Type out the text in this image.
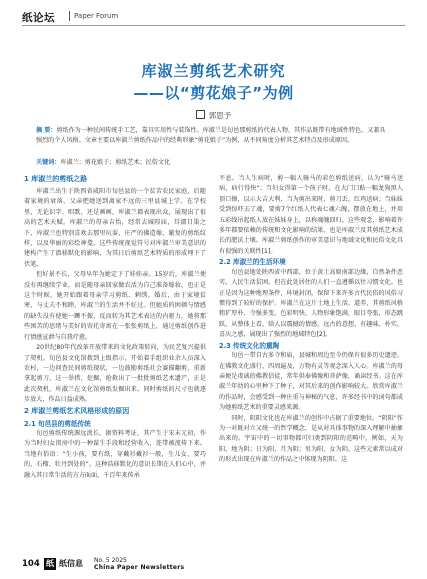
纸论坛	Paper Forum
库淑兰剪纸艺术研究
——以“剪花娘子”为例
郭思予
摘 要：剪纸作为一种民间传统手工艺，靠具实用性与装饰性。库淑兰是旬邑那剪纸的代表人物，其作品既带有地域性特色，又兼具强烈的个人风格。文章主要以库淑兰剪纸作品中的经典形象“剪花娘子”为例，从不同角度分析其艺术特点及形成原因。
关键词：库淑兰；剪花娘子；剪纸艺术；民俗文化

1 库淑兰的剪纸之路

库淑兰出生于陕西省咸阳市旬邑县的一个贫苦农民家庭，后随着家境的衰落，父亲把她送到离家不远的三里县城上学。在学校里，无论识字、唱歌、还是画画，库淑兰都表现出众，展现出了很高的艺术天赋。库淑兰的母亲吉怡，经常去城隍庙，耳濡目染之下，库淑兰也特别喜欢去那里玩耍，庄严的佛造像、繁复的剪纸纹样，以及华丽的彩绘神龛，这些传统视觉符号对库淑兰审美意识的建构产生了潜移默化的影响，为其日后剪纸艺术特质的形成埋下了伏笔。

但好景不长，父母早年为她定下了娃娃亲。15岁后，库淑兰便没有再继续学业，而是随母亲回家做农活为自己准备嫁妆，也正是这个时候，她开始跟着母亲学习剪纸、刺绣。婚后，由于家境贫寒，与丈夫不和睦，库淑兰的生活并不好过。但她质的困顿与情感的缺失没有使她一蹶不振，反而转为其艺术表达的内驱力，她将那些困苦的思绪与美好的寄托寄寓在一张张剪纸上，通过剪纸创作进行情感宣泄与自我疗愈。

20世纪80年代改革开放带来的文化政策转向，为民艺复兴提供了契机。旬邑县文化馆拨到上级指示，开始着手组织业余人员深入农村，一边问查民间剪纸现状，一边鼓励剪纸社会赛描翻剪，重新拿起剪刀，这一举措，挖掘、抢救出了一批批剪纸艺术遗产，正是此次契机，库淑兰在文化馆剪纸发掘出来，同时剪纸的尺寸也就逐步放大，作品日益成熟。

2 库淑兰剪纸艺术风格形成的原因

2.1 旬邑县的剪纸传统

旬邑剪纸传统源远流长，据资料考证，其产生于宋末元初，作为当时妇女闺房中的一种谋生手段和经营收入，连带被流传下来。当地有俗语：“生小孩，要有纸，穿戴衫戴衫一般，生儿女，要巧的，石榴、牡丹到处的”。这种浩移默化的意识长期在人们心中，并融入其日常生活的方方面面，千百年来传承

不息。当人生病时，剪一幅人骑马的彩色剪纸送病，认为“骑马送病，病行得快”；当妇女得第一个孩子时，在大门口贴一幅龙狗黑人顶口擦，以示大吉大利，当为剪出来时，剪刀丢，红鸡送病；当妹妹受到惊吓去了魂，要剪7个红纸人代表七魂六魄，摆放在地上，并用五彩线吊起纸人放在妹妹身上，以称魂魄回归。这些观念，影响着许多年都要依赖的传统和文化影响的结果，也是库淑兰及其剪纸艺术成长的肥沃土壤。库淑兰剪纸创作的审美意识与地域文化和民俗文化具有很强的关联性[1]。

2.2 库淑兰的生活环境

旬邑县地处陕西省中西部，位于黄土高原南部边缘，自然条件恶劣，人民生活贫困，但在此处居住的人们一直遵循以往习惯文化。也正是因为这种地理条件，环境封闭，保留下来许多古代民俗的风俗习惯得到了较好的保护。库淑兰在这片土地上生活、道养，其剪纸风格粗犷厚朴、令强多变、色彩明快，人物形象饱满，眼目夸张，形态跳跃，从整体上看，给人以震撼的情感，远古的意想、有趣味、朴实，喜庆之感，展现出了强烈的地域特色[2]。

2.3 传统文化的熏陶

旬邑一带自古多寺和庙，县城和周边至今仍保有很多历史遗迹。在佛教文化盛行，四周遍及，万物有灵等观念深入人心。库淑兰的母亲便是虔诚的佛教信徒，常年供奉佛像和菩萨像，诵读经书。这在库淑兰年幼的心里种下了种子，对其后来的创作影响较大。欣赏库淑兰的作品时，会感受到一种庄重与神秘的气息，许多经书中的词句都成为她剪纸艺术的重要灵感来源。

同时，阴阳文化也在库淑兰的创作中占据了重要地位。“阴阳”作为一对既对立又统一的哲学概念，是从对具体事物的深入理解中抽象出来的。宇宙中的一切事物都可归类到阴阳的范畴中，例如，天为阳，地为阴；日为阳，月为阴；男为阳，女为阴。这些元素常以成对的形式出现在库淑兰的作品之中体现为阴阳。这

104 纸 纸信息 No. 5 2025
China Paper Newsletters
